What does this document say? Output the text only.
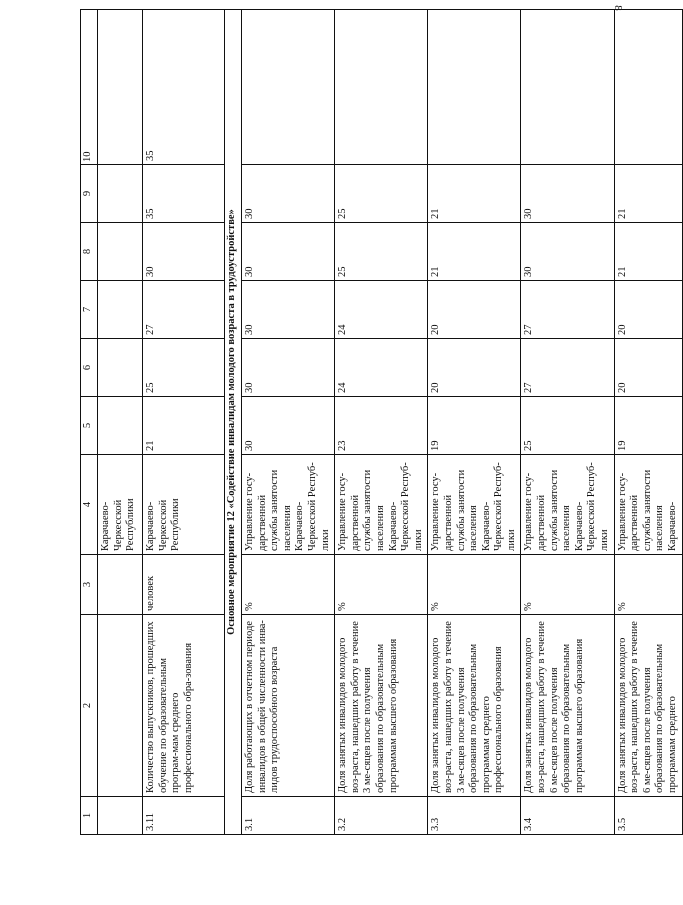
8
1	2	3	4	5	6	7	8	9	10
			Карачаево-Черкесской Республики						
3.11	Количество выпускников, прошедших обучение по образовательным програм-мам среднего профессионального обра-зования	человек	Карачаево-Черкесской Республики	21	25	27	30	35	35
Основное мероприятие 12 «Содействие инвалидам молодого возраста в трудоустройстве»									
3.1	Доля работающих в отчетном периоде инвалидов в общей численности инва-лидов трудоспособного возраста	%	Управление госу-дарственной службы занятости населения Карачаево-Черкесской Респуб-лики	30	30	30	30	30	
3.2	Доля занятых инвалидов молодого воз-раста, нашедших работу в течение 3 ме-сяцев после получения образования по образовательным программам высшего образования	%	Управление госу-дарственной службы занятости населения Карачаево-Черкесской Респуб-лики	23	24	24	25	25	
3.3	Доля занятых инвалидов молодого воз-раста, нашедших работу в течение 3 ме-сяцев после получения образования по образовательным программам среднего профессионального образования	%	Управление госу-дарственной службы занятости населения Карачаево-Черкесской Респуб-лики	19	20	20	21	21	
3.4	Доля занятых инвалидов молодого воз-раста, нашедших работу в течение 6 ме-сяцев после получения образования по образовательным программам высшего образования	%	Управление госу-дарственной службы занятости населения Карачаево-Черкесской Респуб-лики	25	27	27	30	30	
3.5	Доля занятых инвалидов молодого воз-раста, нашедших работу в течение 6 ме-сяцев после получения образования по образовательным программам среднего	%	Управление госу-дарственной службы занятости населения Карачаево-	19	20	20	21	21	
